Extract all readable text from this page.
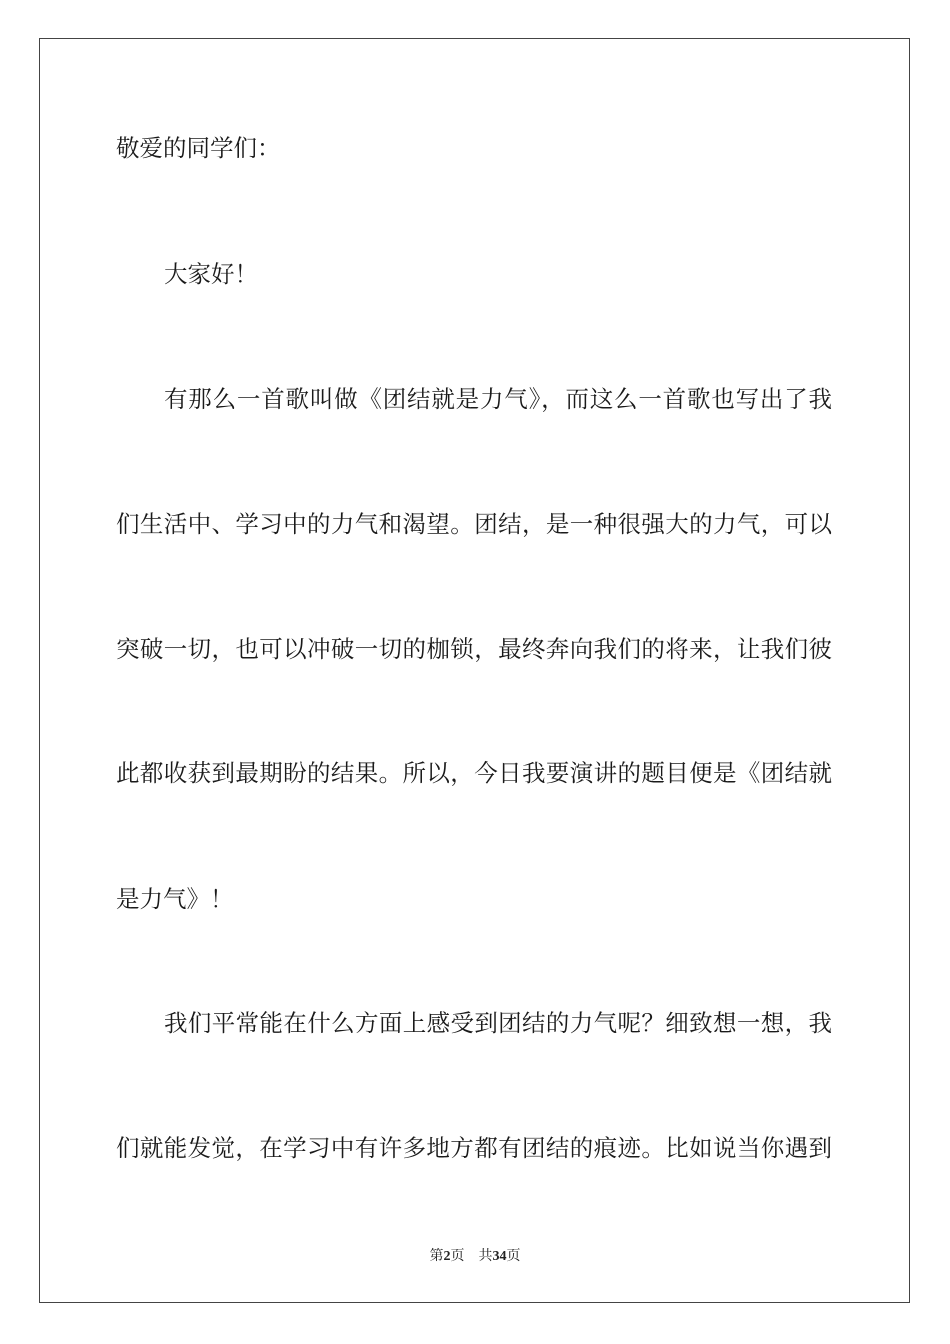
敬爱的同学们：
大家好！
有那么一首歌叫做《团结就是力气》，而这么一首歌也写出了我
们生活中、学习中的力气和渴望。团结，是一种很强大的力气，可以
突破一切，也可以冲破一切的枷锁，最终奔向我们的将来，让我们彼
此都收获到最期盼的结果。所以，今日我要演讲的题目便是《团结就
是力气》！
我们平常能在什么方面上感受到团结的力气呢？细致想一想，我
们就能发觉，在学习中有许多地方都有团结的痕迹。比如说当你遇到
第2页 共34页
